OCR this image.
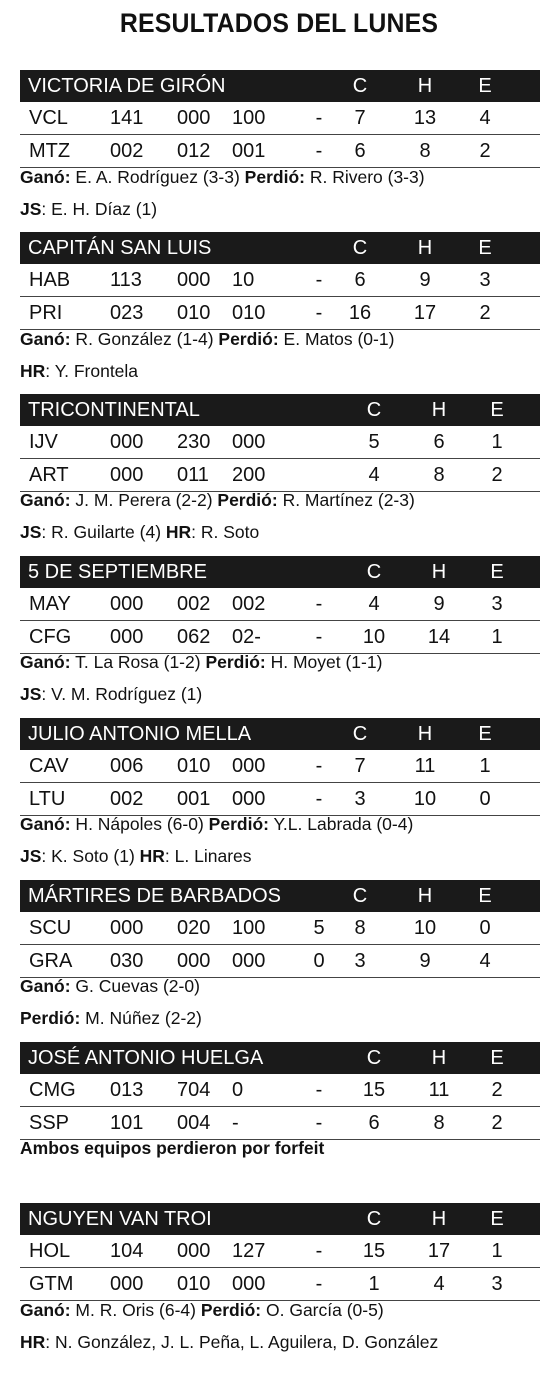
RESULTADOS DEL LUNES
VICTORIA DE GIRÓN	C	H	E
VCL 141 000 100	-	7	13	4
MTZ 002 012 001	-	6	8	2
Ganó: E. A. Rodríguez (3-3) Perdió: R. Rivero (3-3)
JS: E. H. Díaz (1)
CAPITÁN SAN LUIS	C	H	E
HAB 113 000 10	-	6	9	3
PRI 023 010 010	-	16	17	2
Ganó: R. González (1-4) Perdió: E. Matos (0-1)
HR: Y. Frontela
TRICONTINENTAL	C	H	E
IJV	000 230 000	5	6	1
ART 000 011 200	4	8	2
Ganó: J. M. Perera (2-2) Perdió: R. Martínez (2-3)
JS: R. Guilarte (4) HR: R. Soto
5 DE SEPTIEMBRE	C	H	E
MAY 000 002 002	-	4	9	3
CFG 000 062 02-	-	10	14	1
Ganó: T. La Rosa (1-2) Perdió: H. Moyet (1-1)
JS: V. M. Rodríguez (1)
JULIO ANTONIO MELLA	C	H	E
CAV 006 010 000	-	7	11	1
LTU 002 001 000	-	3	10	0
Ganó: H. Nápoles (6-0) Perdió: Y.L. Labrada (0-4)
JS: K. Soto (1) HR: L. Linares
MÁRTIRES DE BARBADOS	C	H	E
SCU 000 020 100	5	8	10	0
GRA 030 000 000	0	3	9	4
Ganó: G. Cuevas (2-0)
Perdió: M. Núñez (2-2)
JOSÉ ANTONIO HUELGA	C	H	E
CMG 013 704 0	-	15	11	2
SSP 101 004 -	-	6	8	2
Ambos equipos perdieron por forfeit
NGUYEN VAN TROI	C	H	E
HOL 104 000 127	-	15	17	1
GTM 000 010 000	-	1	4	3
Ganó: M. R. Oris (6-4) Perdió: O. García (0-5)
HR: N. González, J. L. Peña, L. Aguilera, D. González
